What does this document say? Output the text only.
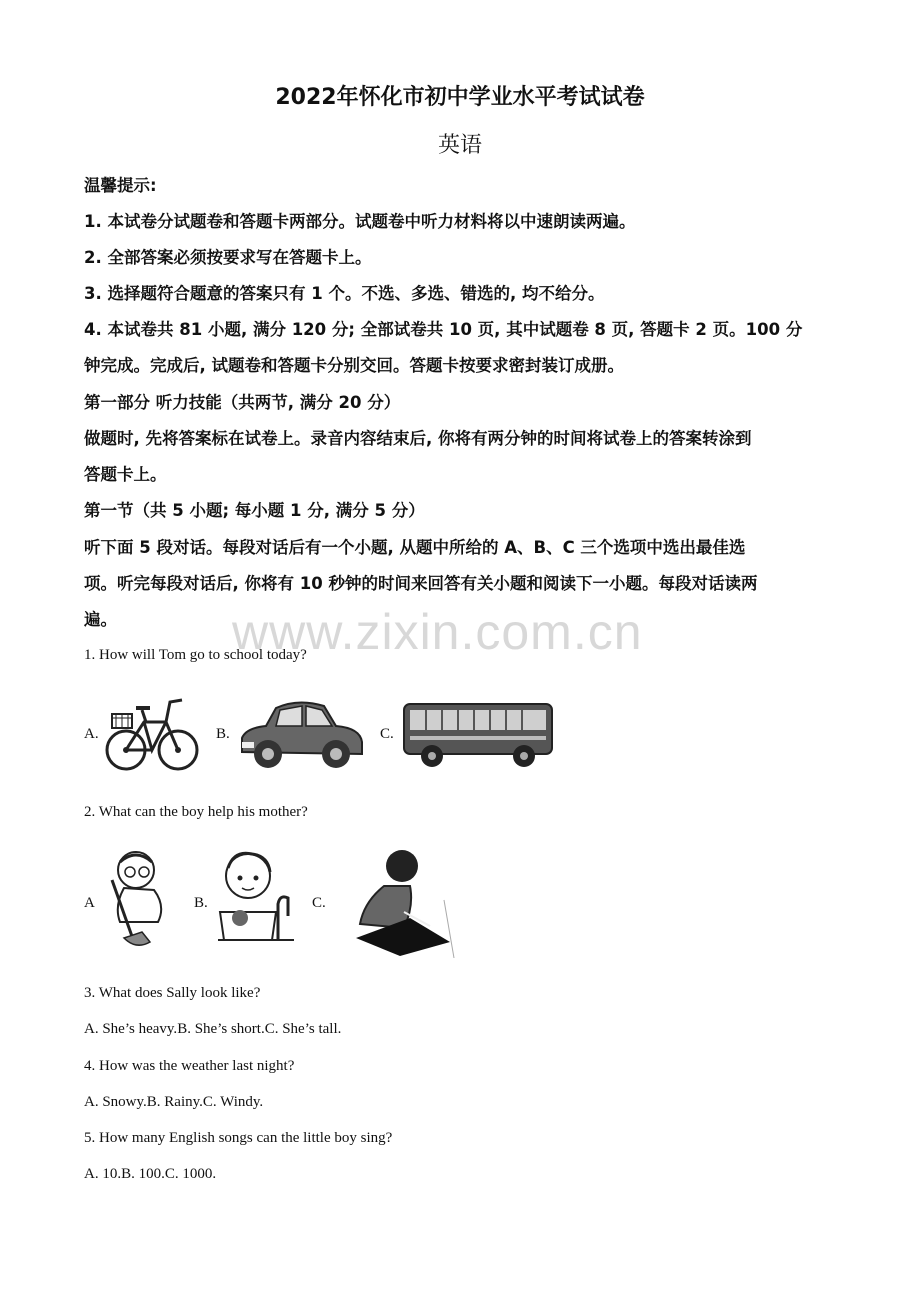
2022年怀化市初中学业水平考试试卷
英语
温馨提示:
1. 本试卷分试题卷和答题卡两部分。试题卷中听力材料将以中速朗读两遍。
2. 全部答案必须按要求写在答题卡上。
3. 选择题符合题意的答案只有 1 个。不选、多选、错选的, 均不给分。
4. 本试卷共 81 小题, 满分 120 分; 全部试卷共 10 页, 其中试题卷 8 页, 答题卡 2 页。100 分
钟完成。完成后, 试题卷和答题卡分别交回。答题卡按要求密封装订成册。
第一部分 听力技能（共两节, 满分 20 分）
做题时, 先将答案标在试卷上。录音内容结束后, 你将有两分钟的时间将试卷上的答案转涂到
答题卡上。
第一节（共 5 小题; 每小题 1 分, 满分 5 分）
听下面 5 段对话。每段对话后有一个小题, 从题中所给的 A、B、C 三个选项中选出最佳选
项。听完每段对话后, 你将有 10 秒钟的时间来回答有关小题和阅读下一小题。每段对话读两
遍。	www.zixin.com.cn
1. How will Tom go to school today?
A.	B.	C.
2. What can the boy help his mother?
A	B.	C.
3. What does Sally look like?
A. She’s heavy.B. She’s short.C. She’s tall.
4. How was the weather last night?
A. Snowy.B. Rainy.C. Windy.
5. How many English songs can the little boy sing?
A. 10.B. 100.C. 1000.
